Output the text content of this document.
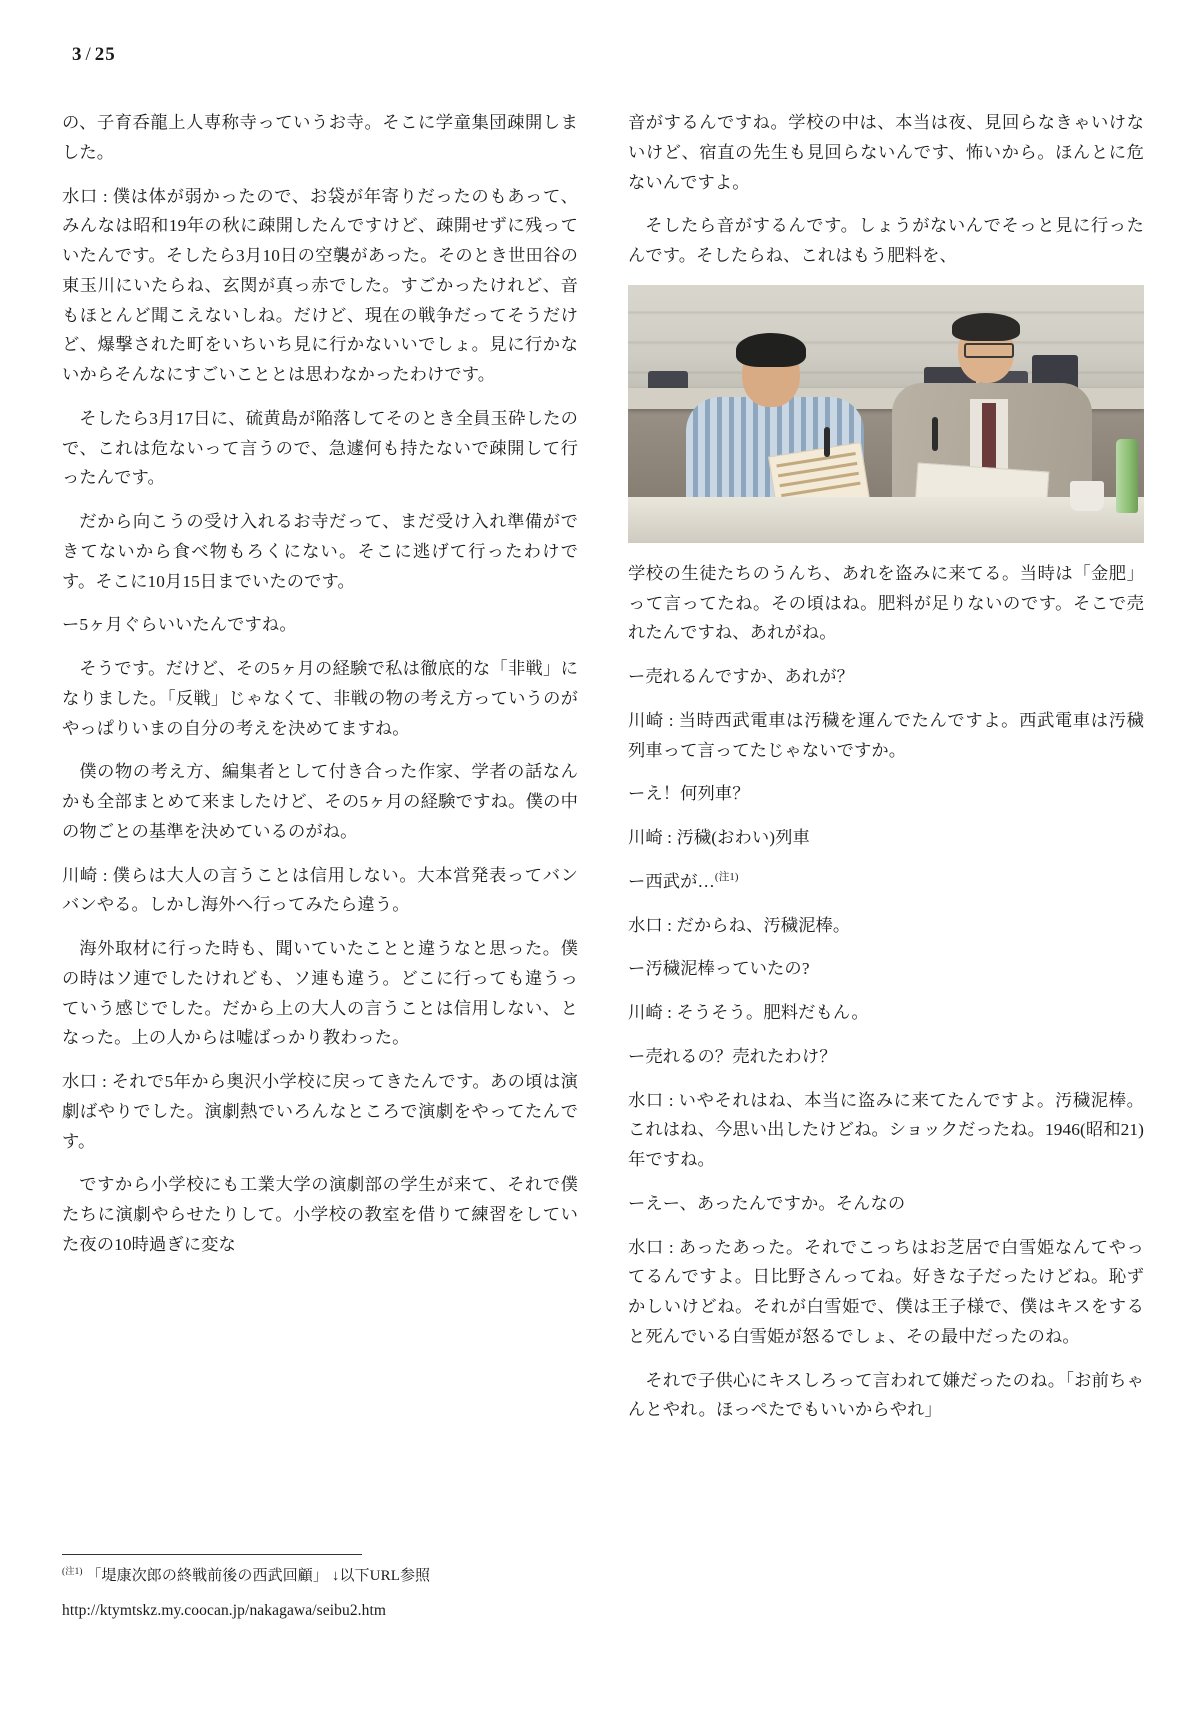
3 / 25

の、子育呑龍上人専称寺っていうお寺。そこに学童集団疎開しました。

水口 : 僕は体が弱かったので、お袋が年寄りだったのもあって、みんなは昭和19年の秋に疎開したんですけど、疎開せずに残っていたんです。そしたら3月10日の空襲があった。そのとき世田谷の東玉川にいたらね、玄関が真っ赤でした。すごかったけれど、音もほとんど聞こえないしね。だけど、現在の戦争だってそうだけど、爆撃された町をいちいち見に行かないいでしょ。見に行かないからそんなにすごいこととは思わなかったわけです。

そしたら3月17日に、硫黄島が陥落してそのとき全員玉砕したので、これは危ないって言うので、急遽何も持たないで疎開して行ったんです。

だから向こうの受け入れるお寺だって、まだ受け入れ準備ができてないから食べ物もろくにない。そこに逃げて行ったわけです。そこに10月15日までいたのです。

ー5ヶ月ぐらいいたんですね。

そうです。だけど、その5ヶ月の経験で私は徹底的な「非戦」になりました。「反戦」じゃなくて、非戦の物の考え方っていうのがやっぱりいまの自分の考えを決めてますね。

僕の物の考え方、編集者として付き合った作家、学者の話なんかも全部まとめて来ましたけど、その5ヶ月の経験ですね。僕の中の物ごとの基準を決めているのがね。

川崎 : 僕らは大人の言うことは信用しない。大本営発表ってバンバンやる。しかし海外へ行ってみたら違う。

海外取材に行った時も、聞いていたことと違うなと思った。僕の時はソ連でしたけれども、ソ連も違う。どこに行っても違うっていう感じでした。だから上の大人の言うことは信用しない、となった。上の人からは嘘ばっかり教わった。

水口 : それで5年から奥沢小学校に戻ってきたんです。あの頃は演劇ばやりでした。演劇熱でいろんなところで演劇をやってたんです。

ですから小学校にも工業大学の演劇部の学生が来て、それで僕たちに演劇やらせたりして。小学校の教室を借りて練習をしていた夜の10時過ぎに変な

音がするんですね。学校の中は、本当は夜、見回らなきゃいけないけど、宿直の先生も見回らないんです、怖いから。ほんとに危ないんですよ。

そしたら音がするんです。しょうがないんでそっと見に行ったんです。そしたらね、これはもう肥料を、

学校の生徒たちのうんち、あれを盗みに来てる。当時は「金肥」って言ってたね。その頃はね。肥料が足りないのです。そこで売れたんですね、あれがね。

ー売れるんですか、あれが？

川崎 : 当時西武電車は汚穢を運んでたんですよ。西武電車は汚穢列車って言ってたじゃないですか。

ーえ！何列車？

川崎 : 汚穢(おわい)列車

ー西武が…$^{(注1)}$

水口 : だからね、汚穢泥棒。

ー汚穢泥棒っていたの?

川崎 : そうそう。肥料だもん。

ー売れるの？売れたわけ？

水口 : いやそれはね、本当に盗みに来てたんですよ。汚穢泥棒。これはね、今思い出したけどね。ショックだったね。1946(昭和21)年ですね。

ーえー、あったんですか。そんなの

水口 : あったあった。それでこっちはお芝居で白雪姫なんてやってるんですよ。日比野さんってね。好きな子だったけどね。恥ずかしいけどね。それが白雪姫で、僕は王子様で、僕はキスをすると死んでいる白雪姫が怒るでしょ、その最中だったのね。

それで子供心にキスしろって言われて嫌だったのね。「お前ちゃんとやれ。ほっぺたでもいいからやれ」

$^{(注1)}$ 「堤康次郎の終戦前後の西武回顧」 ↓以下URL参照

http://ktymtskz.my.coocan.jp/nakagawa/seibu2.htm
